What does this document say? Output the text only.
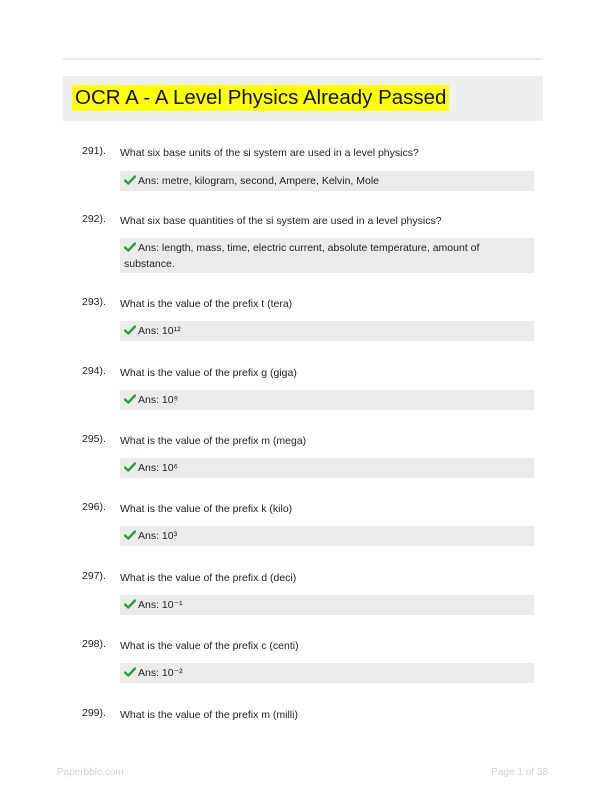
OCR A - A Level Physics Already Passed
291). What six base units of the si system are used in a level physics?
Ans: metre, kilogram, second, Ampere, Kelvin, Mole
292). What six base quantities of the si system are used in a level physics?
Ans: length, mass, time, electric current, absolute temperature, amount of substance.
293). What is the value of the prefix t (tera)
Ans: 10¹²
294). What is the value of the prefix g (giga)
Ans: 10⁹
295). What is the value of the prefix m (mega)
Ans: 10⁶
296). What is the value of the prefix k (kilo)
Ans: 10³
297). What is the value of the prefix d (deci)
Ans: 10⁻¹
298). What is the value of the prefix c (centi)
Ans: 10⁻²
299). What is the value of the prefix m (milli)
Paperbblc.com	Page 1 of 38
